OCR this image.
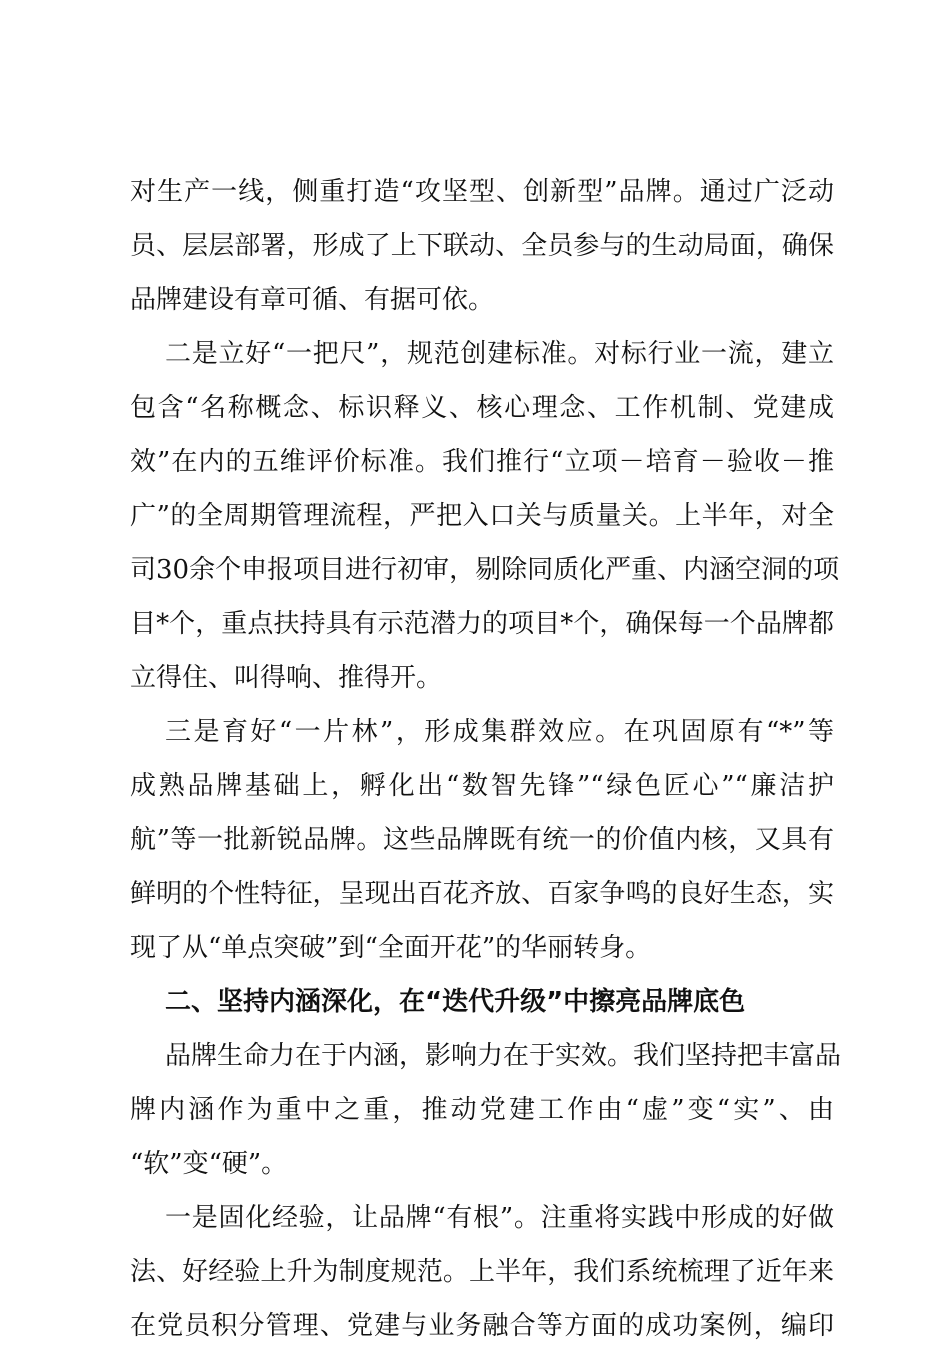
对生产一线，侧重打造“攻坚型、创新型”品牌。通过广泛动
员、层层部署，形成了上下联动、全员参与的生动局面，确保
品牌建设有章可循、有据可依。
二是立好“一把尺”，规范创建标准。对标行业一流，建立
包含“名称概念、标识释义、核心理念、工作机制、党建成
效”在内的五维评价标准。我们推行“立项－培育－验收－推
广”的全周期管理流程，严把入口关与质量关。上半年，对全
司30余个申报项目进行初审，剔除同质化严重、内涵空洞的项
目*个，重点扶持具有示范潜力的项目*个，确保每一个品牌都
立得住、叫得响、推得开。
三是育好“一片林”，形成集群效应。在巩固原有“*”等
成熟品牌基础上，孵化出“数智先锋”“绿色匠心”“廉洁护
航”等一批新锐品牌。这些品牌既有统一的价值内核，又具有
鲜明的个性特征，呈现出百花齐放、百家争鸣的良好生态，实
现了从“单点突破”到“全面开花”的华丽转身。
二、坚持内涵深化，在“迭代升级”中擦亮品牌底色
品牌生命力在于内涵，影响力在于实效。我们坚持把丰富品
牌内涵作为重中之重，推动党建工作由“虚”变“实”、由
“软”变“硬”。
一是固化经验，让品牌“有根”。注重将实践中形成的好做
法、好经验上升为制度规范。上半年，我们系统梳理了近年来
在党员积分管理、党建与业务融合等方面的成功案例，编印
